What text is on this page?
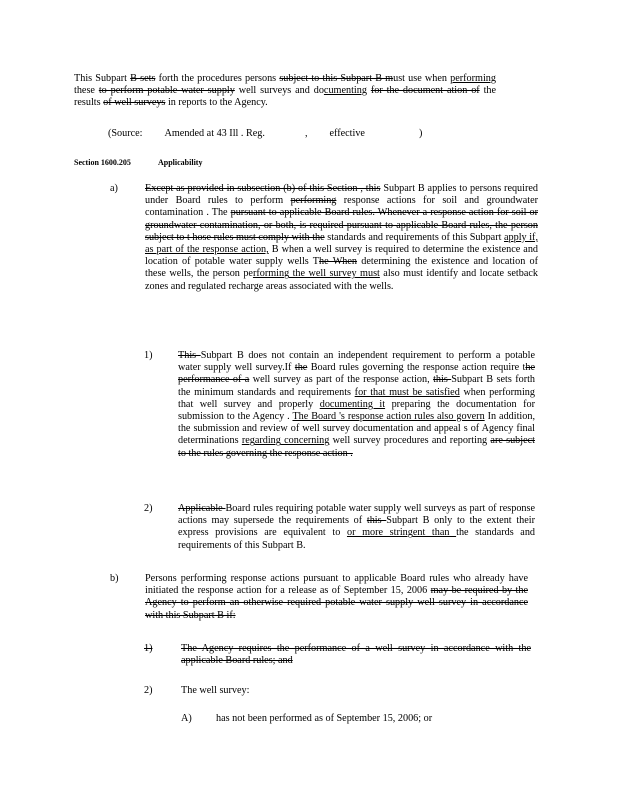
This Subpart B sets forth the procedures persons subject to this Subpart B must use when performing these to perform potable water supply well surveys and documenting for the document ation of the results of well surveys in reports to the Agency.

(Source: Amended at 43 Ill . Reg.	, effective	)

Section 1600.205	Applicability
a)	Except as provided in subsection (b) of this Section , this Subpart B applies to persons required under Board rules to perform performing response actions for soil and groundwater contamination . The pursuant to applicable Board rules. Whenever a response action for soil or groundwater contamination, or both, is required pursuant to applicable Board rules, the person subject to t hose rules must comply with the standards and requirements of this Subpart apply if, as part of the response action, B when a well survey is required to determine the existence and location of potable water supply wells The When determining the existence and location of these wells, the person performing the well survey must also must identify and locate setback zones and regulated recharge areas associated with the wells.

1)	This Subpart B does not contain an independent requirement to perform a potable water supply well survey.If the Board rules governing the response action require the performance of a well survey as part of the response action, this Subpart B sets forth the minimum standards and requirements for that must be satisfied when performing that well survey and properly documenting it preparing the documentation for submission to the Agency . The Board 's response action rules also govern In addition, the submission and review of well survey documentation and appeal s of Agency final determinations regarding concerning well survey procedures and reporting are subject to the rules governing the response action .

2)	Applicable Board rules requiring potable water supply well surveys as part of response actions may supersede the requirements of this Subpart B only to the extent their express provisions are equivalent to or more stringent than the standards and requirements of this Subpart B.

b)	Persons performing response actions pursuant to applicable Board rules who already have initiated the response action for a release as of September 15, 2006 may be required by the Agency to perform an otherwise required potable water supply well survey in accordance with this Subpart B if:

1)	The Agency requires the performance of a well survey in accordance with the applicable Board rules; and

2)	The well survey:

A) has not been performed as of September 15, 2006; or
